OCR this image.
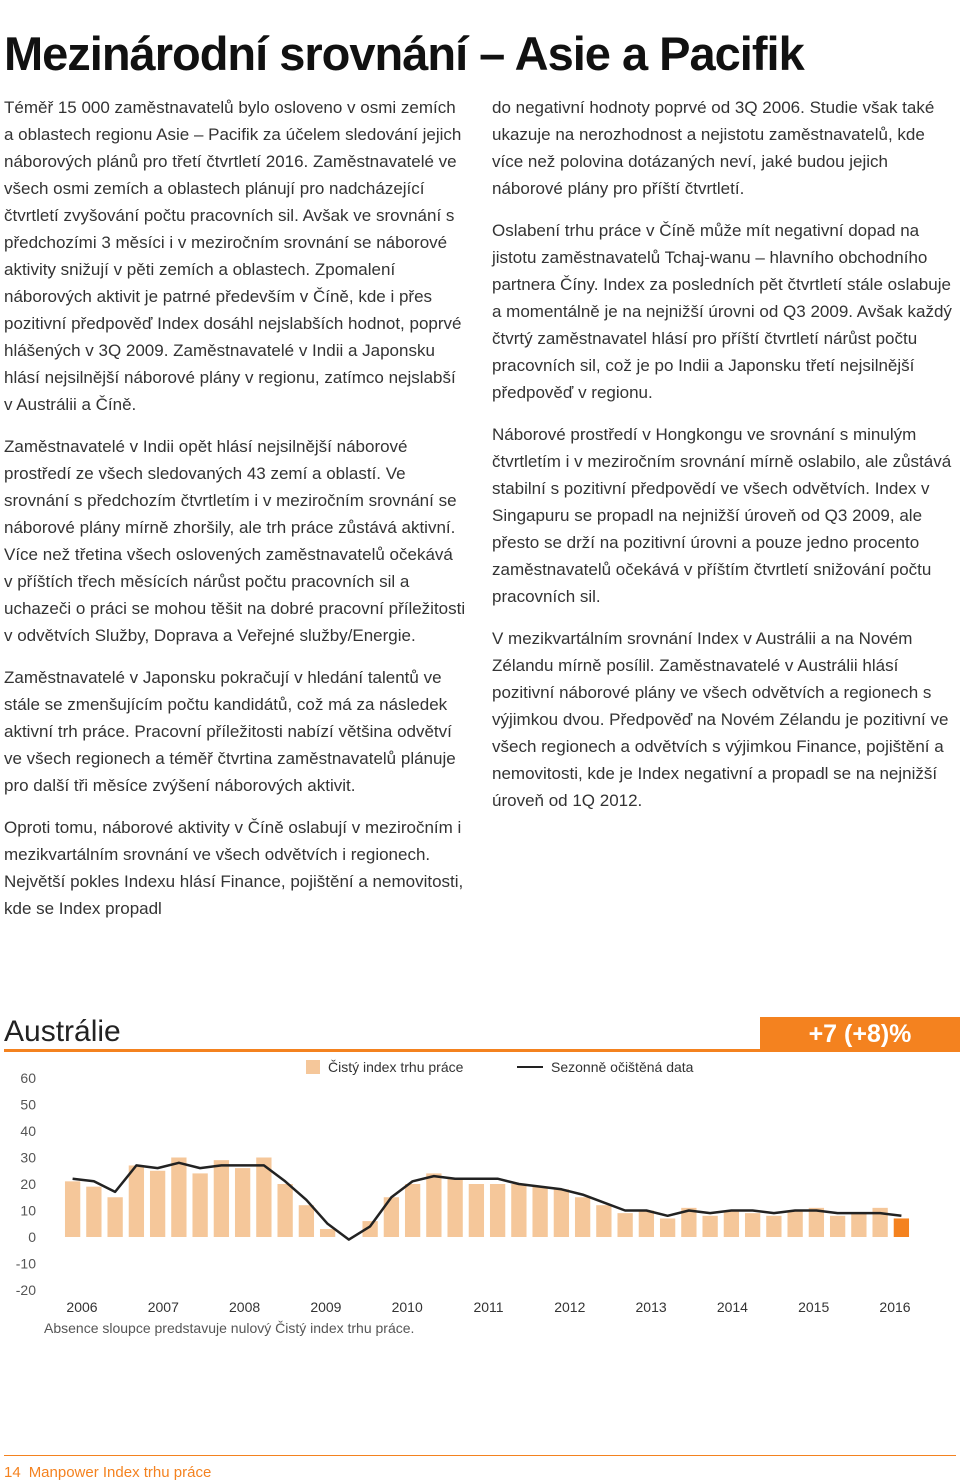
Mezinárodní srovnání – Asie a Pacifik

Téměř 15 000 zaměstnavatelů bylo osloveno v osmi zemích a oblastech regionu Asie – Pacifik za účelem sledování jejich náborových plánů pro třetí čtvrtletí 2016. Zaměstnavatelé ve všech osmi zemích a oblastech plánují pro nadcházející čtvrtletí zvyšování počtu pracovních sil. Avšak ve srovnání s předchozími 3 měsíci i v meziročním srovnání se náborové aktivity snižují v pěti zemích a oblastech. Zpomalení náborových aktivit je patrné především v Číně, kde i přes pozitivní předpověď Index dosáhl nejslabších hodnot, poprvé hlášených v 3Q 2009. Zaměstnavatelé v Indii a Japonsku hlásí nejsilnější náborové plány v regionu, zatímco nejslabší v Austrálii a Číně.

Zaměstnavatelé v Indii opět hlásí nejsilnější náborové prostředí ze všech sledovaných 43 zemí a oblastí. Ve srovnání s předchozím čtvrtletím i v meziročním srovnání se náborové plány mírně zhoršily, ale trh práce zůstává aktivní. Více než třetina všech oslovených zaměstnavatelů očekává v příštích třech měsících nárůst počtu pracovních sil a uchazeči o práci se mohou těšit na dobré pracovní příležitosti v odvětvích Služby, Doprava a Veřejné služby/Energie.

Zaměstnavatelé v Japonsku pokračují v hledání talentů ve stále se zmenšujícím počtu kandidátů, což má za následek aktivní trh práce. Pracovní příležitosti nabízí většina odvětví ve všech regionech a téměř čtvrtina zaměstnavatelů plánuje pro další tři měsíce zvýšení náborových aktivit.

Oproti tomu, náborové aktivity v Číně oslabují v meziročním i mezikvartálním srovnání ve všech odvětvích i regionech. Největší pokles Indexu hlásí Finance, pojištění a nemovitosti, kde se Index propadl

do negativní hodnoty poprvé od 3Q 2006. Studie však také ukazuje na nerozhodnost a nejistotu zaměstnavatelů, kde více než polovina dotázaných neví, jaké budou jejich náborové plány pro příští čtvrtletí.

Oslabení trhu práce v Číně může mít negativní dopad na jistotu zaměstnavatelů Tchaj-wanu – hlavního obchodního partnera Číny. Index za posledních pět čtvrtletí stále oslabuje a momentálně je na nejnižší úrovni od Q3 2009. Avšak každý čtvrtý zaměstnavatel hlásí pro příští čtvrtletí nárůst počtu pracovních sil, což je po Indii a Japonsku třetí nejsilnější předpověď v regionu.

Náborové prostředí v Hongkongu ve srovnání s minulým čtvrtletím i v meziročním srovnání mírně oslabilo, ale zůstává stabilní s pozitivní předpovědí ve všech odvětvích. Index v Singapuru se propadl na nejnižší úroveň od Q3 2009, ale přesto se drží na pozitivní úrovni a pouze jedno procento zaměstnavatelů očekává v příštím čtvrtletí snižování počtu pracovních sil.

V mezikvartálním srovnání Index v Austrálii a na Novém Zélandu mírně posílil. Zaměstnavatelé v Austrálii hlásí pozitivní náborové plány ve všech odvětvích a regionech s výjimkou dvou. Předpověď na Novém Zélandu je pozitivní ve všech regionech a odvětvích s výjimkou Finance, pojištění a nemovitosti, kde je Index negativní a propadl se na nejnižší úroveň od 1Q 2012.

Austrálie	+7 (+8)%
Čistý index trhu práce	Sezonně očištěná data
60
50
40
30
20
10
0
-10
-20
2006	2007	2008	2009	2010	2011	2012	2013	2014	2015	2016
Absence sloupce predstavuje nulový Čistý index trhu práce.
14 Manpower Index trhu práce
